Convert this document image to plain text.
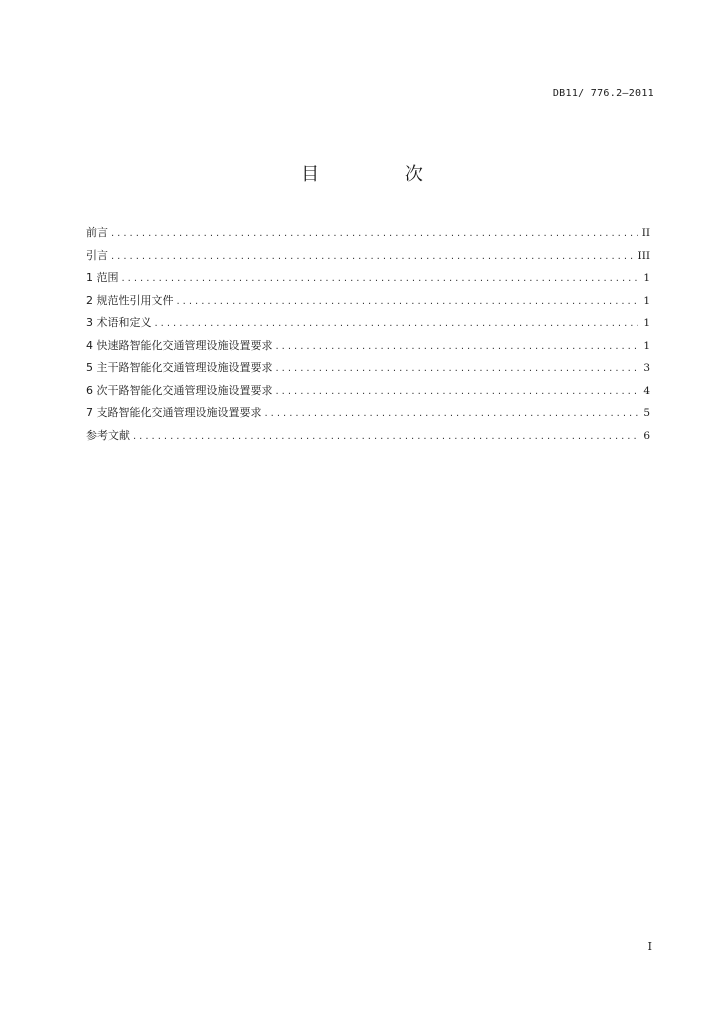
DB11/ 776.2—2011
目 次
前言 .....	II
引言 .....	III
1 范围 .....	1
2 规范性引用文件 .....	1
3 术语和定义 .....	1
4 快速路智能化交通管理设施设置要求 .....	1
5 主干路智能化交通管理设施设置要求 .....	3
6 次干路智能化交通管理设施设置要求 .....	4
7 支路智能化交通管理设施设置要求 .....	5
参考文献 .....	6
I
